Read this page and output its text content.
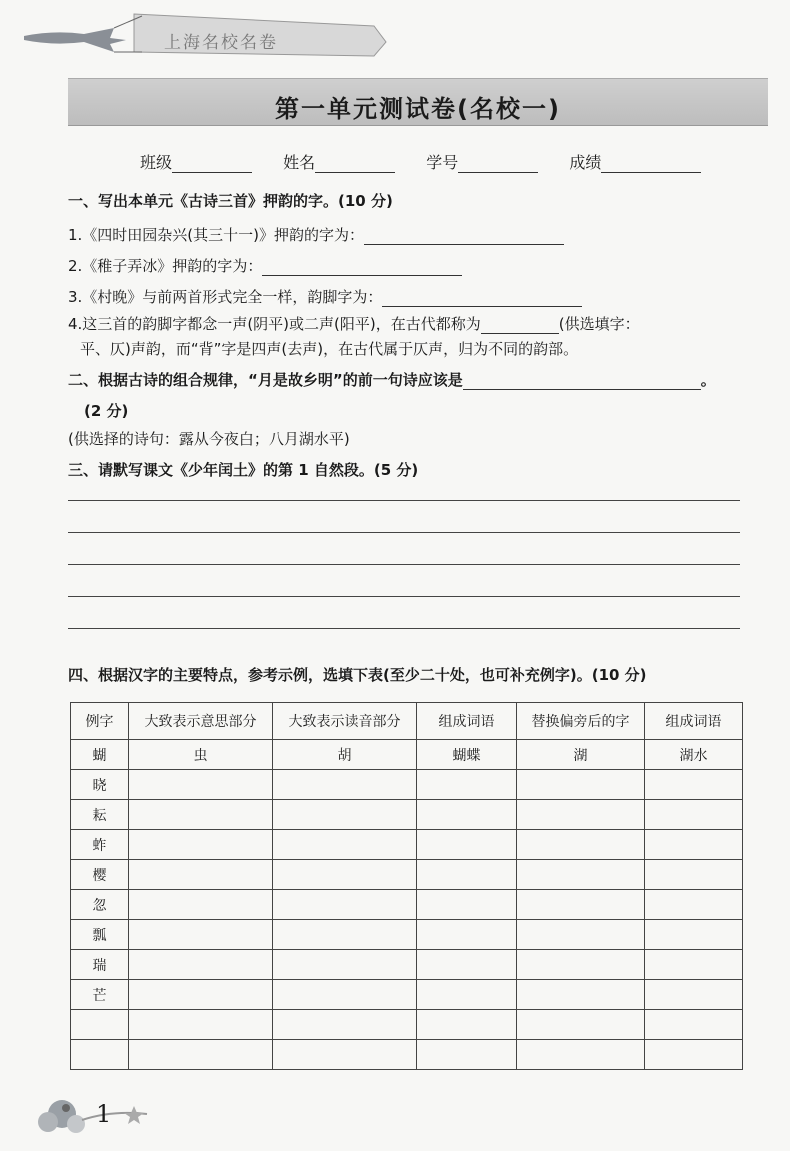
上海名校名卷
第一单元测试卷(名校一)
班级	姓名	学号	成绩
一、写出本单元《古诗三首》押韵的字。(10 分)
1.《四时田园杂兴(其三十一)》押韵的字为：
2.《稚子弄冰》押韵的字为：
3.《村晚》与前两首形式完全一样，韵脚字为：
4.这三首的韵脚字都念一声(阴平)或二声(阳平)，在古代都称为	(供选填字：
平、仄)声韵，而“背”字是四声(去声)，在古代属于仄声，归为不同的韵部。
二、根据古诗的组合规律，“月是故乡明”的前一句诗应该是	。
(2 分)
(供选择的诗句：露从今夜白；八月湖水平)
三、请默写课文《少年闰土》的第 1 自然段。(5 分)
四、根据汉字的主要特点，参考示例，选填下表(至少二十处，也可补充例字)。(10 分)
例字	大致表示意思部分	大致表示读音部分	组成词语	替换偏旁后的字	组成词语
蝴	虫	胡	蝴蝶	湖	湖水
晓					
耘					
蚱					
樱					
忽					
瓢					
瑞					
芒					

1
